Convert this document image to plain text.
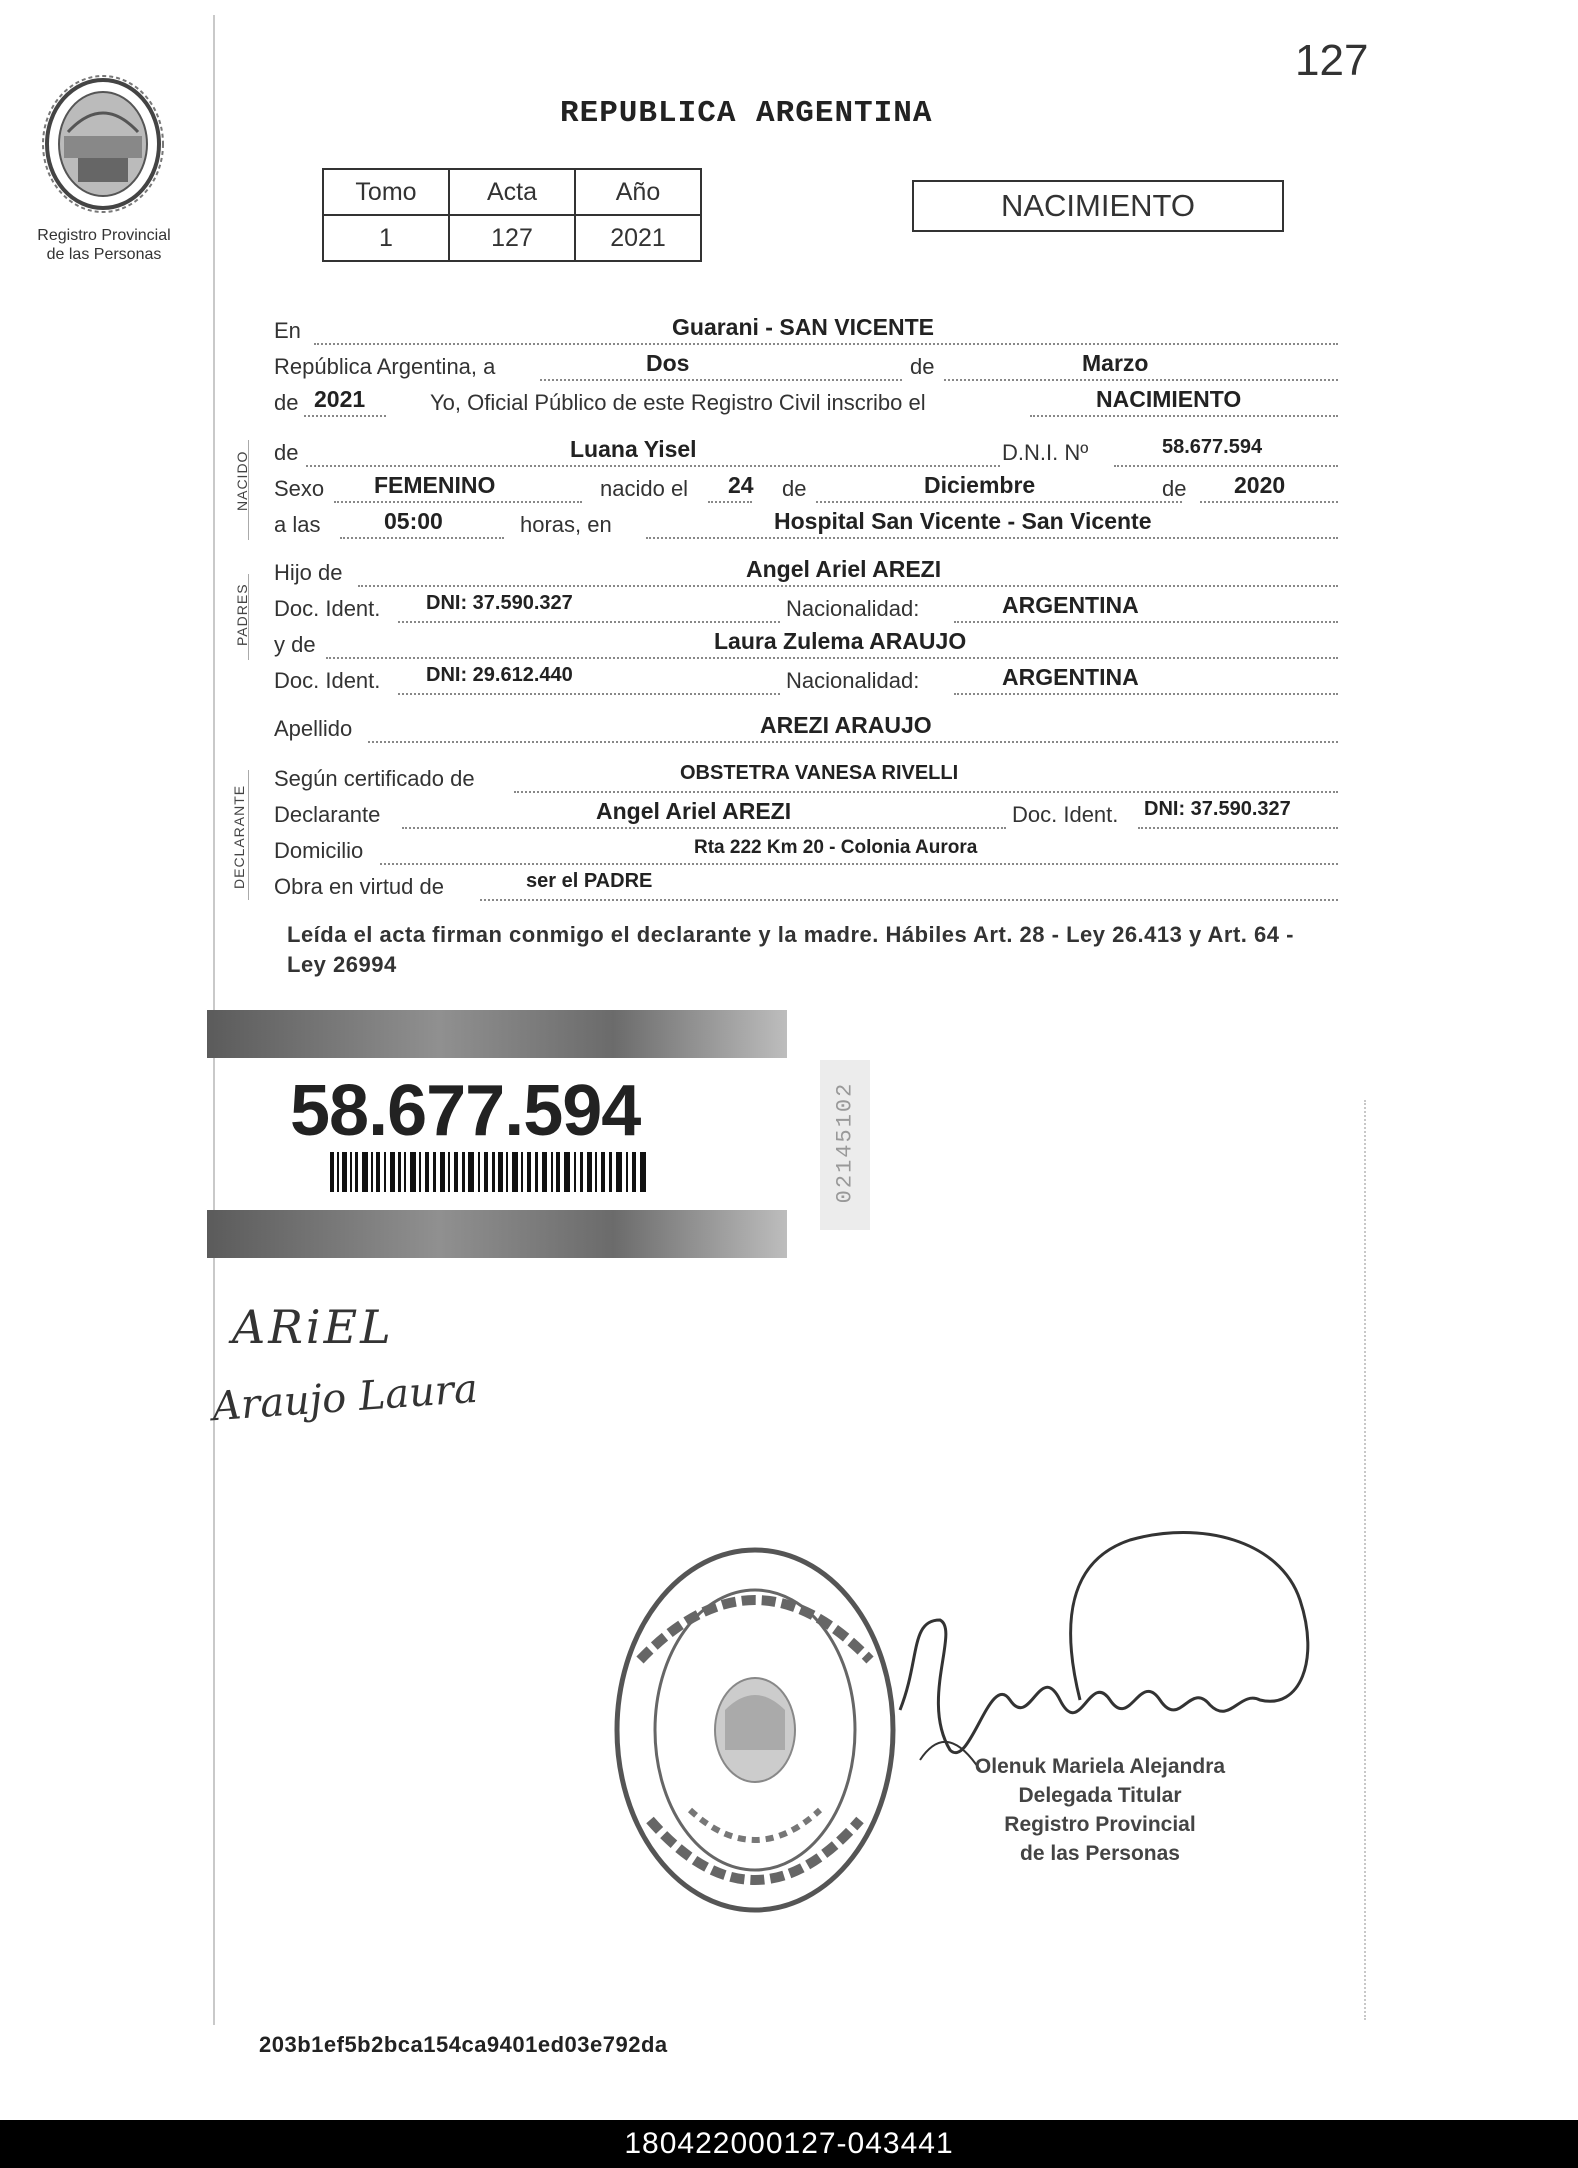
127
REPUBLICA ARGENTINA
Registro Provincial
de las Personas
Tomo	Acta	Año
1	127	2021
NACIMIENTO
NACIDO
PADRES
DECLARANTE
En	Guarani - SAN VICENTE
República Argentina, a	Dos	de	Marzo
de 2021	Yo, Oficial Público de este Registro Civil inscribo el	NACIMIENTO
de	Luana Yisel	D.N.I. Nº	58.677.594
Sexo FEMENINO	nacido el 24 de	Diciembre	de 2020
a las	05:00	horas, en	Hospital San Vicente - San Vicente
Hijo de	Angel Ariel AREZI
Doc. Ident. DNI: 37.590.327	Nacionalidad:	ARGENTINA
y de	Laura Zulema ARAUJO
Doc. Ident. DNI: 29.612.440	Nacionalidad:	ARGENTINA
Apellido	AREZI ARAUJO
Según certificado de	OBSTETRA VANESA RIVELLI
Declarante	Angel Ariel AREZI	Doc. Ident. DNI: 37.590.327
Domicilio	Rta 222 Km 20 - Colonia Aurora
Obra en virtud de	ser el PADRE
Leída el acta firman conmigo el declarante y la madre. Hábiles Art. 28 - Ley 26.413 y Art. 64 - Ley 26994
58.677.594	02145102
ARiEL
Araujo Laura
Olenuk Mariela Alejandra
Delegada Titular
Registro Provincial
de las Personas
203b1ef5b2bca154ca9401ed03e792da
180422000127-043441
